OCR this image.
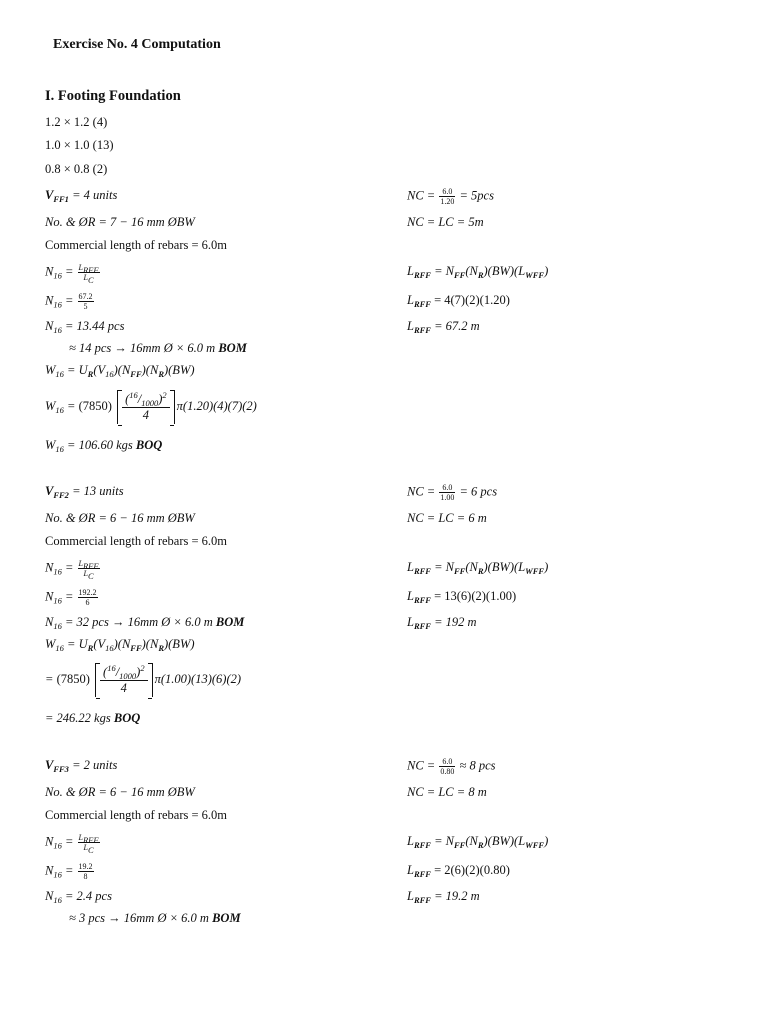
Exercise No. 4 Computation
I. Footing Foundation
1.2 × 1.2 (4)
1.0 × 1.0 (13)
0.8 × 0.8 (2)
$V_{FF1} = 4$ units	NC = $\frac{6.0}{1.20} = 5pcs$
No. & ØR = 7 − 16 mm ØBW	NC = LC = 5m
Commercial length of rebars = 6.0m
$N_{16} = \frac{L_{RFF}}{L_C}$	$L_{RFF} = N_{FF}(N_R)(BW)(L_{WFF})$
$N_{16} = \frac{67.2}{5}$	$L_{RFF} = 4(7)(2)(1.20)$
$N_{16} = 13.44$ pcs	$L_{RFF} = 67.2$ m
≈ 14 pcs → 16mm Ø × 6.0 m BOM
$W_{16} = U_R(V_{16})(N_{FF})(N_R)(BW)$
$W_{16} = (7850) \frac{(^{16}/_{1000})^2}{4} \pi(1.20)(4)(7)(2)$
$W_{16} = 106.60$ kgs BOQ
$V_{FF2} = 13$ units	NC = $\frac{6.0}{1.00} = 6$ pcs
No. & ØR = 6 − 16 mm ØBW	NC = LC = 6 m
Commercial length of rebars = 6.0m
$N_{16} = \frac{L_{RFF}}{L_C}$	$L_{RFF} = N_{FF}(N_R)(BW)(L_{WFF})$
$N_{16} = \frac{192.2}{6}$	$L_{RFF} = 13(6)(2)(1.00)$
$N_{16} = 32$ pcs → 16mm Ø × 6.0 m BOM	$L_{RFF} = 192$ m
$W_{16} = U_R(V_{16})(N_{FF})(N_R)(BW)$
= $(7850) \frac{(^{16}/_{1000})^2}{4} \pi(1.00)(13)(6)(2)$
= 246.22 kgs BOQ
$V_{FF3} = 2$ units	NC = $\frac{6.0}{0.80} \approx 8$ pcs
No. & ØR = 6 − 16 mm ØBW	NC = LC = 8 m
Commercial length of rebars = 6.0m
$N_{16} = \frac{L_{RFF}}{L_C}$	$L_{RFF} = N_{FF}(N_R)(BW)(L_{WFF})$
$N_{16} = \frac{19.2}{8}$	$L_{RFF} = 2(6)(2)(0.80)$
$N_{16} = 2.4$ pcs	$L_{RFF} = 19.2$ m
≈ 3 pcs → 16mm Ø × 6.0 m BOM
